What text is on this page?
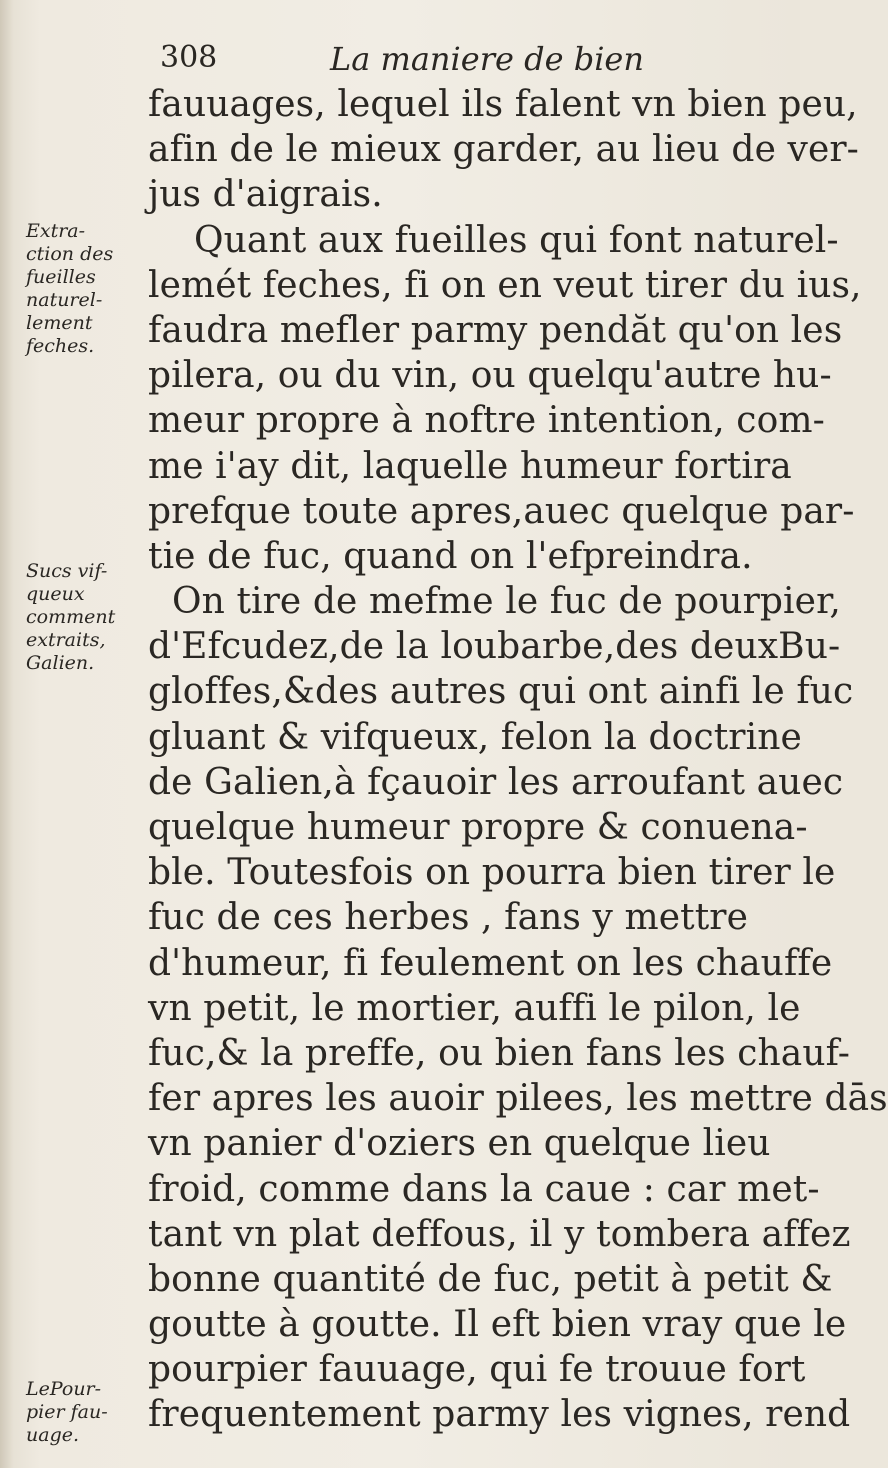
308	La maniere de bien
fauuages, lequel ils falent vn bien peu,
afin de le mieux garder, au lieu de ver-
jus d'aigrais.
Quant aux fueilles qui font naturel-
lemét feches, fi on en veut tirer du ius,
faudra mefler parmy pendăt qu'on les
pilera, ou du vin, ou quelqu'autre hu-
meur propre à noftre intention, com-
me i'ay dit, laquelle humeur fortira
prefque toute apres,auec quelque par-
tie de fuc, quand on l'efpreindra.
On tire de mefme le fuc de pourpier,
d'Efcudez,de la loubarbe,des deuxBu-
gloffes,&des autres qui ont ainfi le fuc
gluant & vifqueux, felon la doctrine
de Galien,à fçauoir les arroufant auec
quelque humeur propre & conuena-
ble. Toutesfois on pourra bien tirer le
fuc de ces herbes , fans y mettre
d'humeur, fi feulement on les chauffe
vn petit, le mortier, auffi le pilon, le
fuc,& la preffe, ou bien fans les chauf-
fer apres les auoir pilees, les mettre dās
vn panier d'oziers en quelque lieu
froid, comme dans la caue : car met-
tant vn plat deffous, il y tombera affez
bonne quantité de fuc, petit à petit &
goutte à goutte. Il eft bien vray que le
pourpier fauuage, qui fe trouue fort
frequentement parmy les vignes, rend
Extra-
ction des
fueilles
naturel-
lement
feches.
Sucs vif-
queux
comment
extraits,
Galien.
LePour-
pier fau-
uage.
